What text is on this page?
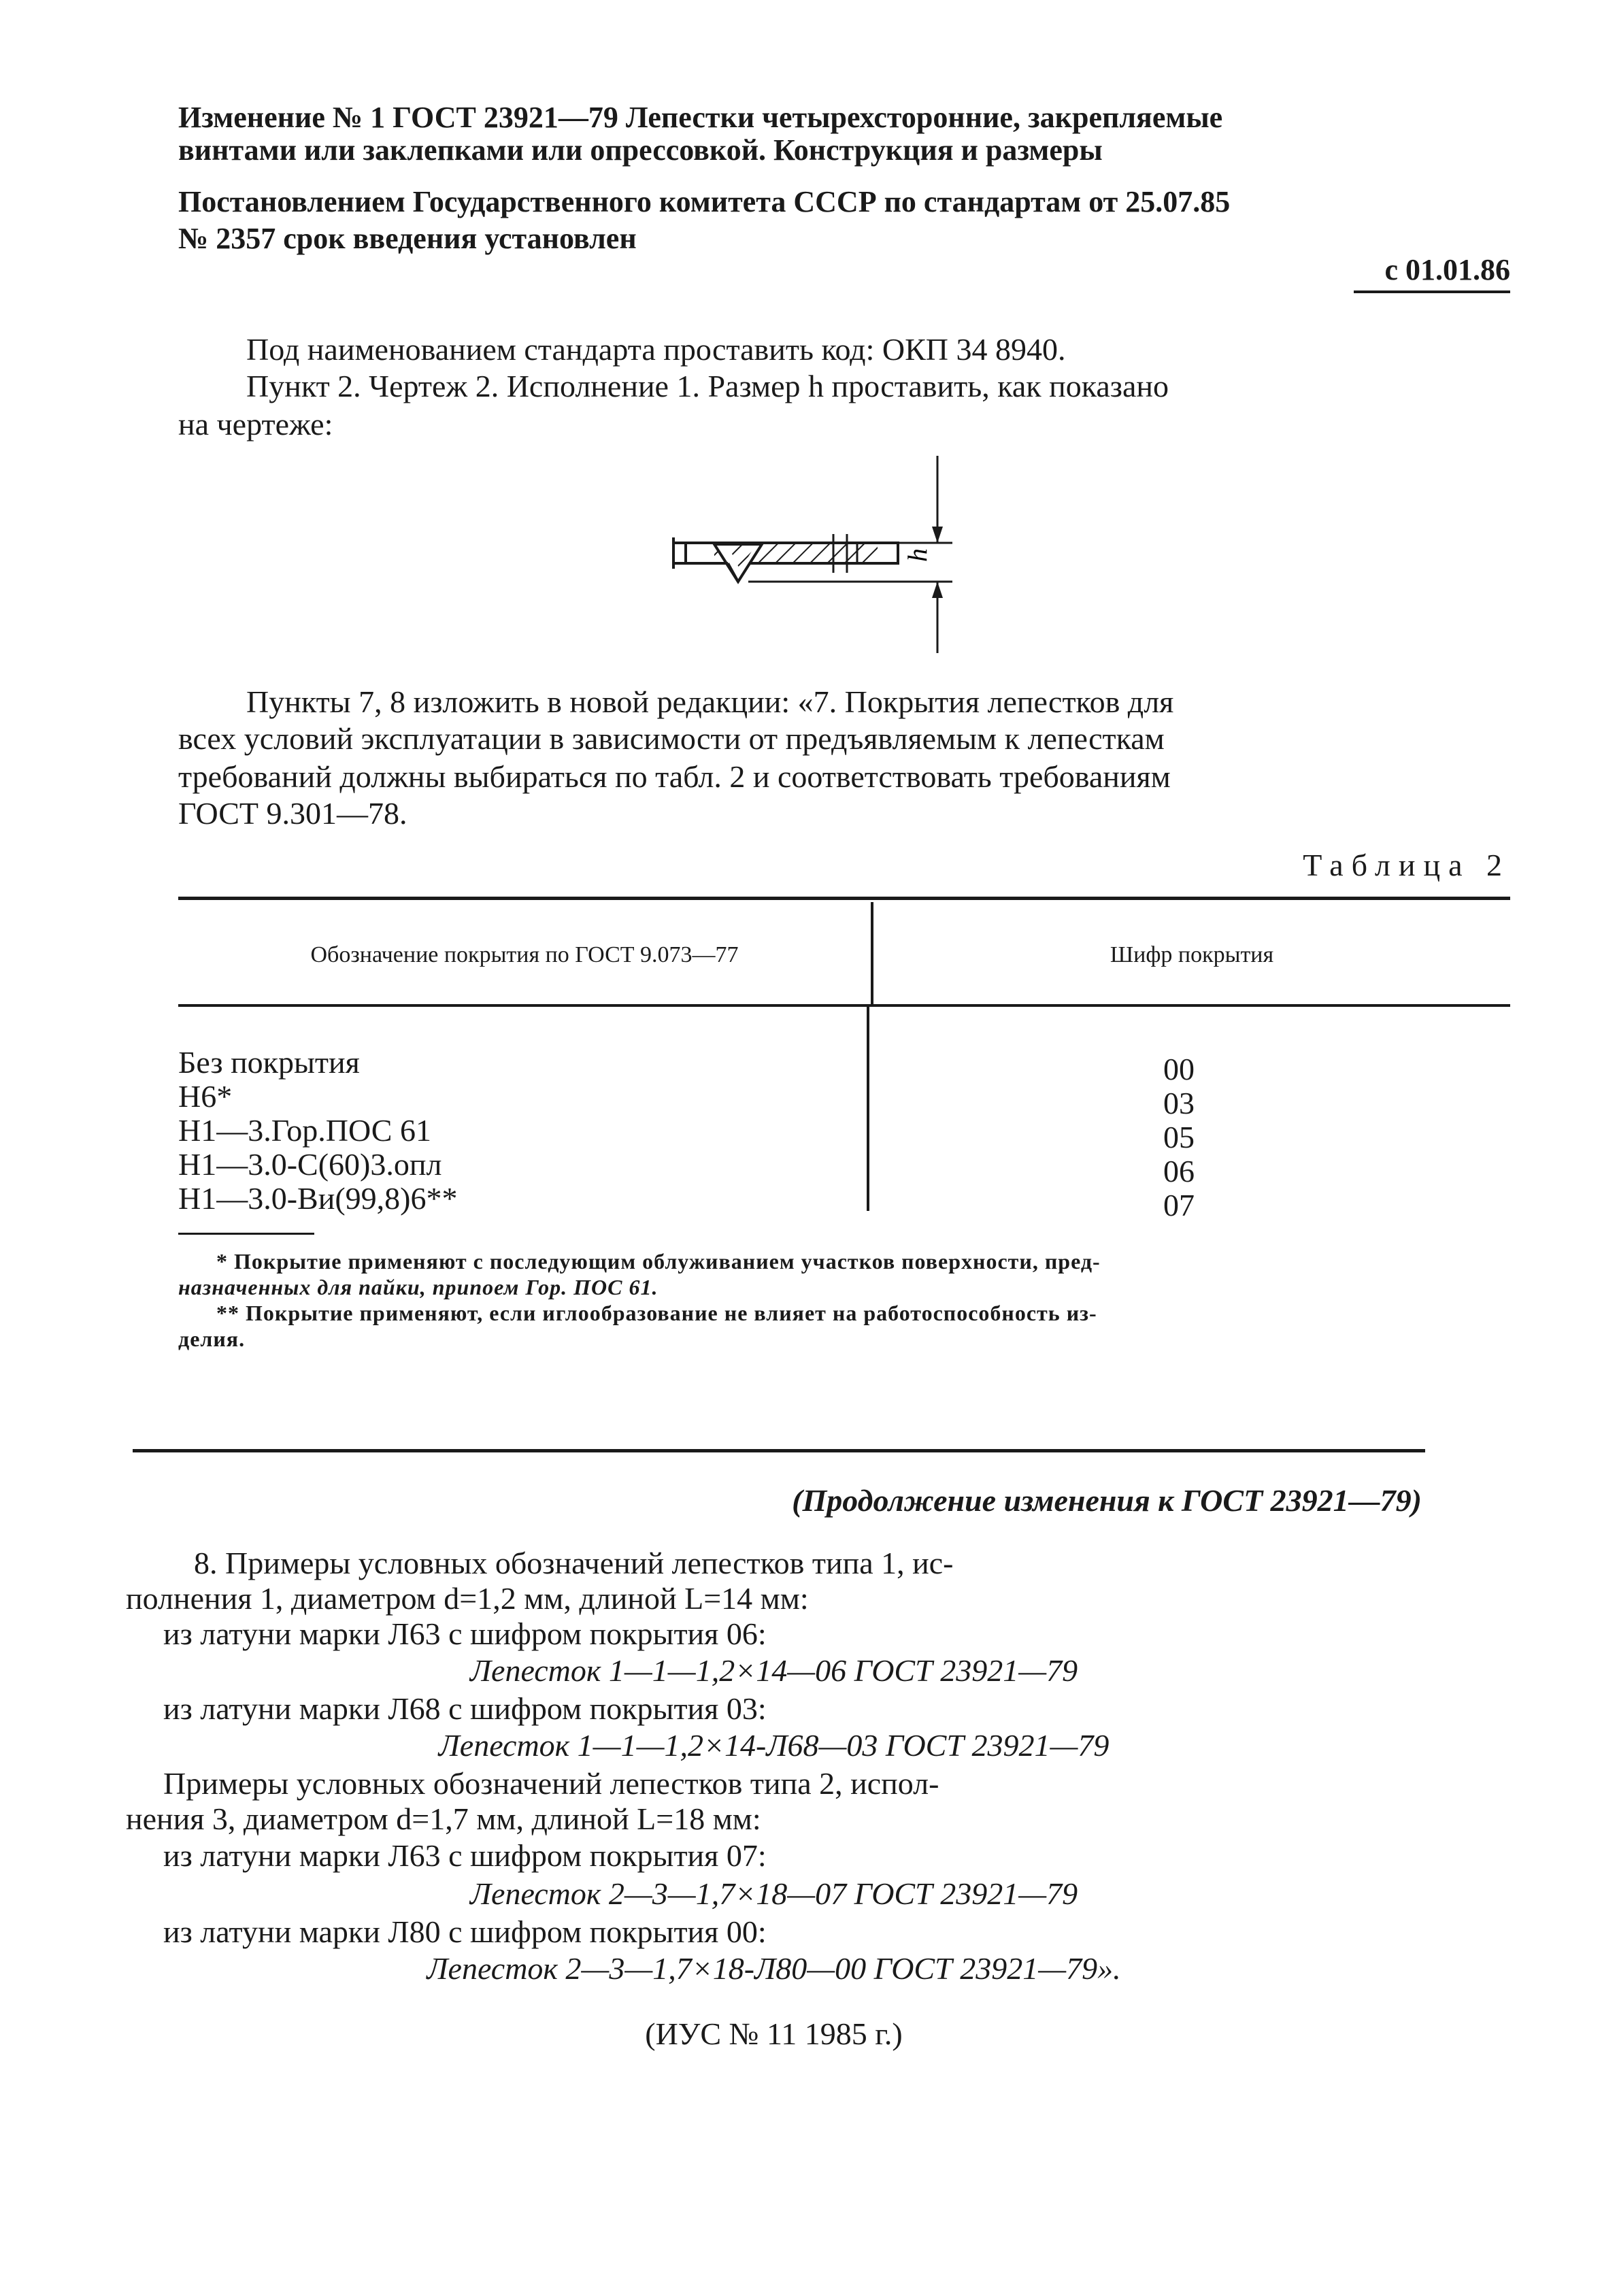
Изменение № 1 ГОСТ 23921—79 Лепестки четырехсторонние, закрепляемые
винтами или заклепками или опрессовкой. Конструкция и размеры
Постановлением Государственного комитета СССР по стандартам от 25.07.85
№ 2357 срок введения установлен
с 01.01.86
Под наименованием стандарта проставить код: ОКП 34 8940.
Пункт 2. Чертеж 2. Исполнение 1. Размер h проставить, как показано
на чертеже:
h
Пункты 7, 8 изложить в новой редакции: «7. Покрытия лепестков для
всех условий эксплуатации в зависимости от предъявляемым к лепесткам
требований должны выбираться по табл. 2 и соответствовать требованиям
ГОСТ 9.301—78.
Таблица 2
Обозначение покрытия по ГОСТ 9.073—77	Шифр покрытия
Без покрытия	00
Н6*	03
Н1—3.Гор.ПОС 61	05
Н1—3.0-С(60)3.опл	06
Н1—3.0-Ви(99,8)6**	07
* Покрытие применяют с последующим облуживанием участков поверхности, пред-
назначенных для пайки, припоем Гор. ПОС 61.
** Покрытие применяют, если иглообразование не влияет на работоспособность из-
делия.
(Продолжение изменения к ГОСТ 23921—79)
8. Примеры условных обозначений лепестков типа 1, ис-
полнения 1, диаметром d=1,2 мм, длиной L=14 мм:
из латуни марки Л63 с шифром покрытия 06:
Лепесток 1—1—1,2×14—06 ГОСТ 23921—79
из латуни марки Л68 с шифром покрытия 03:
Лепесток 1—1—1,2×14-Л68—03 ГОСТ 23921—79
Примеры условных обозначений лепестков типа 2, испол-
нения 3, диаметром d=1,7 мм, длиной L=18 мм:
из латуни марки Л63 с шифром покрытия 07:
Лепесток 2—3—1,7×18—07 ГОСТ 23921—79
из латуни марки Л80 с шифром покрытия 00:
Лепесток 2—3—1,7×18-Л80—00 ГОСТ 23921—79».
(ИУС № 11 1985 г.)
